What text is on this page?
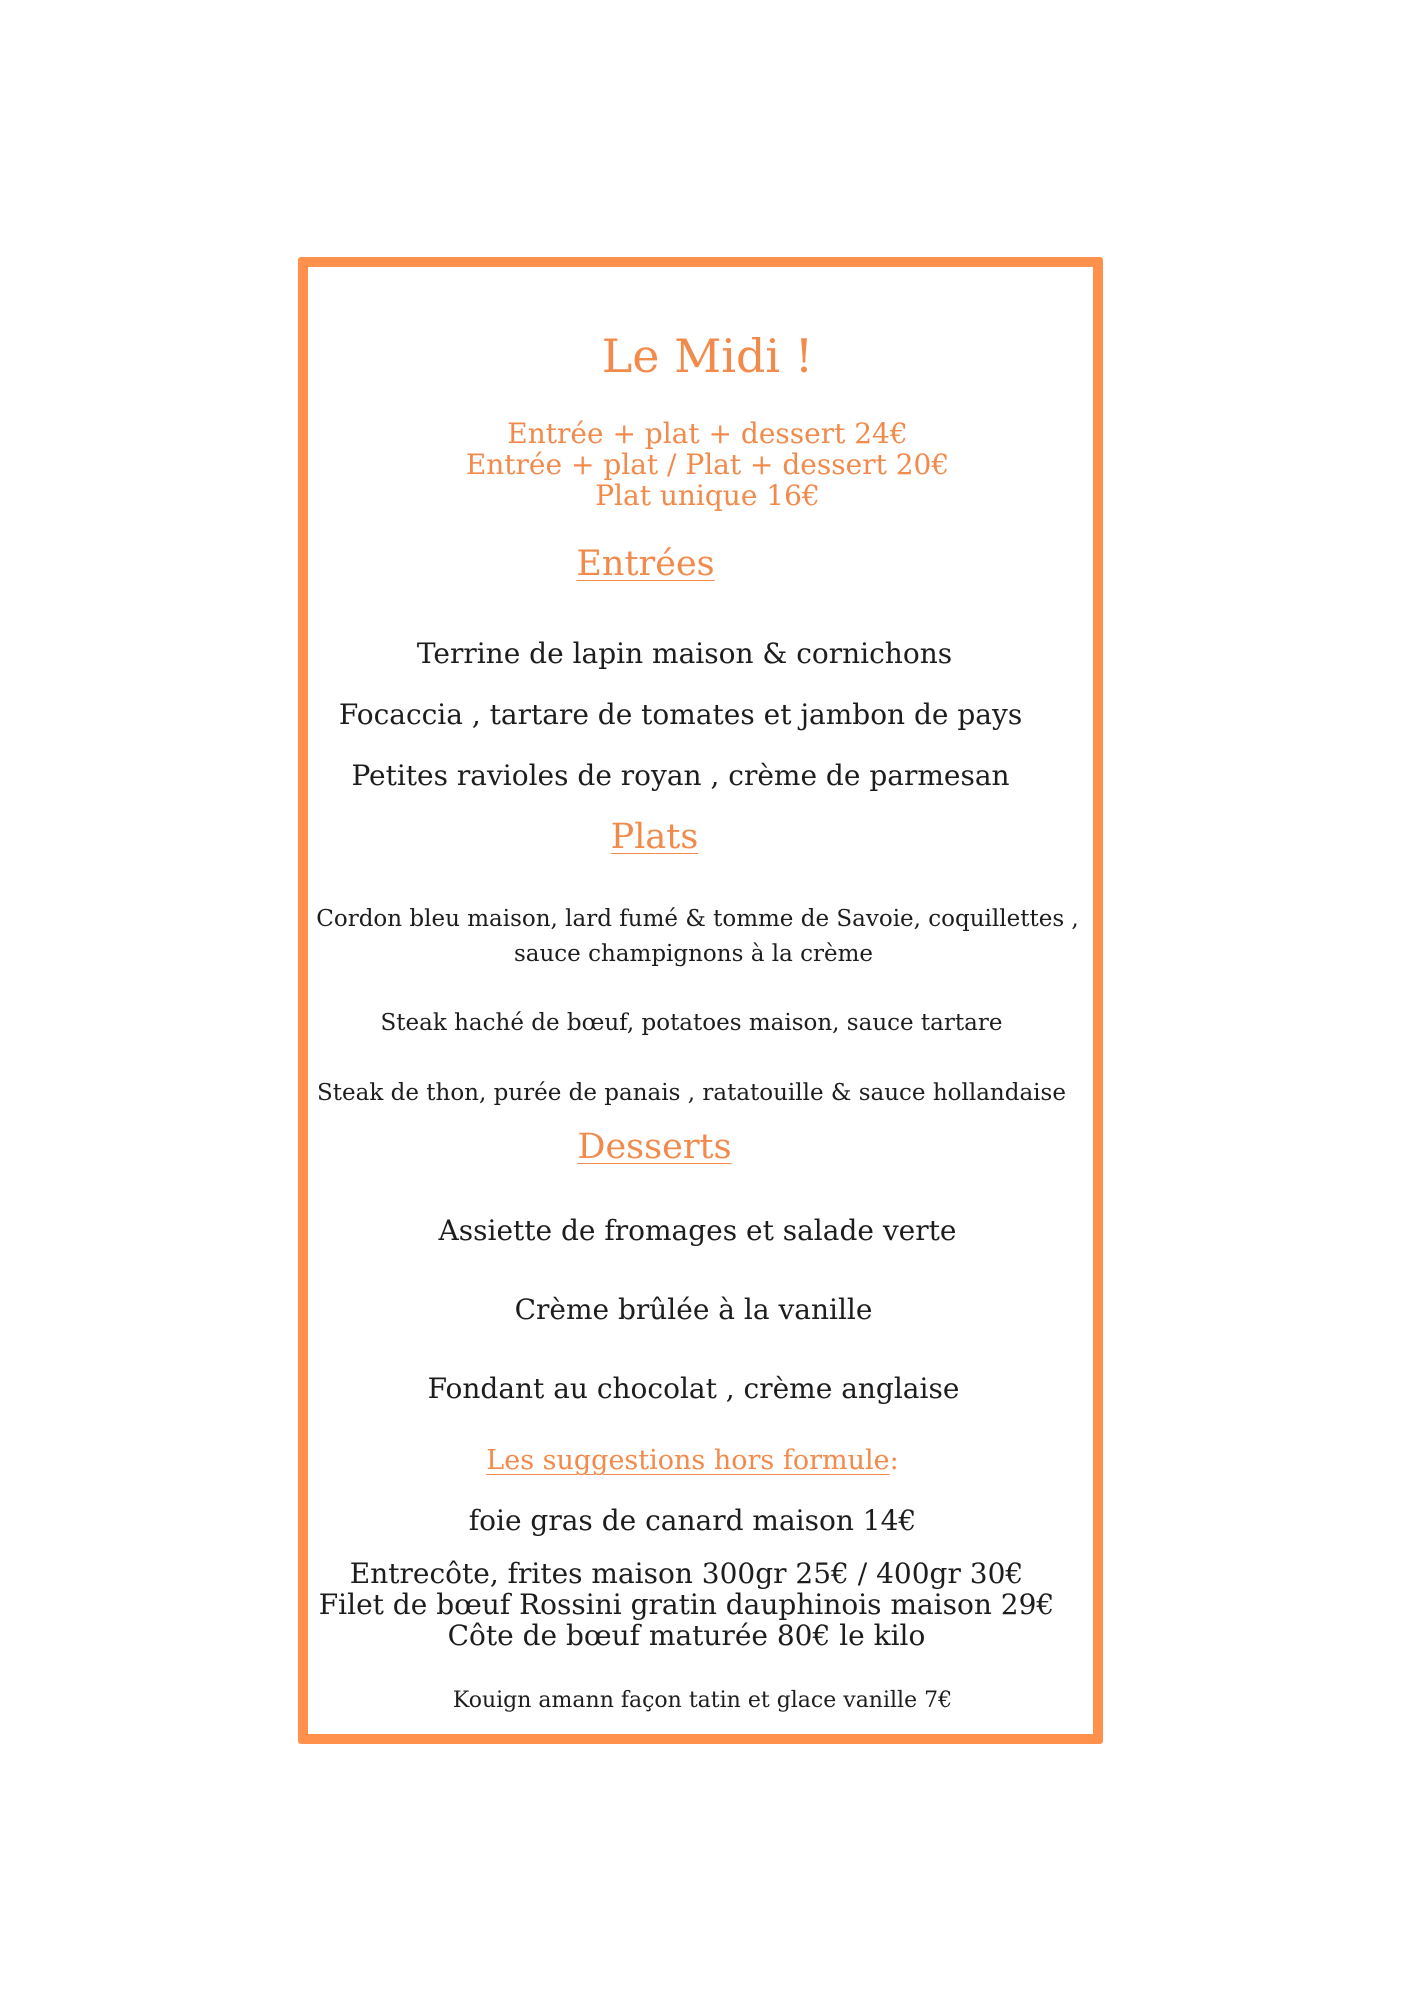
Le Midi !

Entrée + plat + dessert 24€

Entrée + plat / Plat + dessert 20€

Plat unique 16€

Entrées

Terrine de lapin maison & cornichons

Focaccia , tartare de tomates et jambon de pays

Petites ravioles de royan , crème de parmesan

Plats

Cordon bleu maison, lard fumé & tomme de Savoie, coquillettes ,

sauce champignons à la crème

Steak haché de bœuf, potatoes maison, sauce tartare

Steak de thon, purée de panais , ratatouille & sauce hollandaise

Desserts

Assiette de fromages et salade verte

Crème brûlée à la vanille

Fondant au chocolat , crème anglaise

Les suggestions hors formule:

foie gras de canard maison 14€

Entrecôte, frites maison 300gr 25€ / 400gr 30€

Filet de bœuf Rossini gratin dauphinois maison 29€

Côte de bœuf maturée 80€ le kilo

Kouign amann façon tatin et glace vanille 7€
